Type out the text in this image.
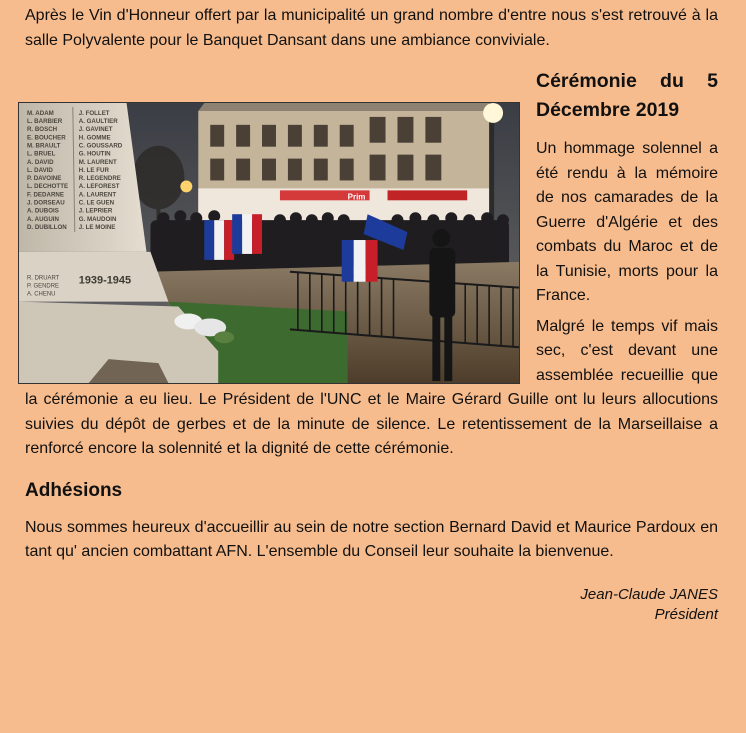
Après le Vin d'Honneur offert par la municipalité un grand nombre d'entre nous s'est retrouvé à la salle Polyvalente pour le Banquet Dansant dans une ambiance conviviale.

Prim
M. ADAM
L. BARBIER
R. BOSCH
E. BOUCHER
M. BRAULT
L. BRUEL
A. DAVID
L. DAVID
P. DAVOINE
L. DECHOTTE
F. DEDARNE
J. DORSEAU
A. DUBOIS
A. AUGUIN
D. DUBILLON
J. FOLLET
A. GAULTIER
J. GAVINET
H. GOMME
C. GOUSSARD
G. HOUTIN
M. LAURENT
H. LE FUR
R. LEGENDRE
A. LEFOREST
A. LAURENT
C. LE GUEN
J. LEPRIER
G. MAUDOIN
J. LE MOINE
1939-1945
R. DRUART
P. GENDRE
A. CHENU
Cérémonie du 5 Décembre 2019

Un hommage solennel a été rendu à la mémoire de nos camarades de la Guerre d'Algérie et des combats du Maroc et de la Tunisie, morts pour la France.

Malgré le temps vif mais sec, c'est devant une assemblée recueillie que la cérémonie a eu lieu. Le Président de l'UNC et le Maire Gérard Guille ont lu leurs allocutions suivies du dépôt de gerbes et de la minute de silence. Le retentissement de la Marseillaise a renforcé encore la solennité et la dignité de cette cérémonie.

Adhésions

Nous sommes heureux d'accueillir au sein de notre section Bernard David et Maurice Pardoux en tant qu' ancien combattant AFN. L'ensemble du Conseil leur souhaite la bienvenue.

Jean-Claude JANES
Président
